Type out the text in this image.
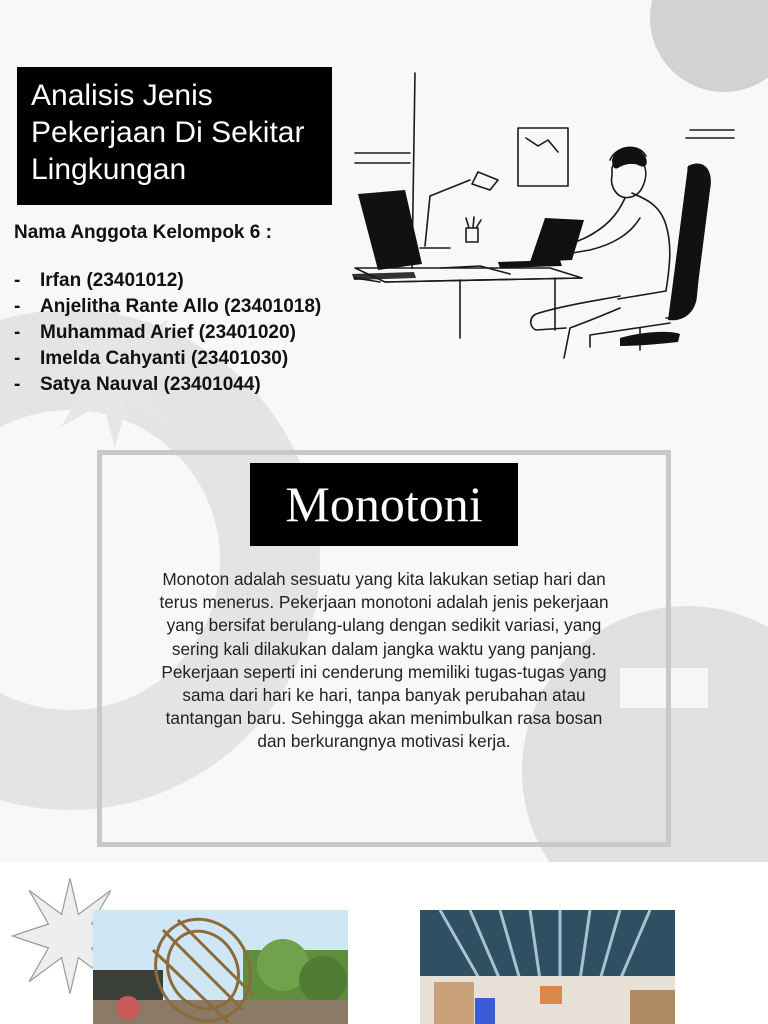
Analisis Jenis
Pekerjaan Di Sekitar
Lingkungan

Nama Anggota Kelompok 6 :

- Irfan (23401012)
- Anjelitha Rante Allo (23401018)
- Muhammad Arief (23401020)
- Imelda Cahyanti (23401030)
- Satya Nauval (23401044)
Monotoni

Monoton adalah sesuatu yang kita lakukan setiap hari dan terus menerus. Pekerjaan monotoni adalah jenis pekerjaan yang bersifat berulang-ulang dengan sedikit variasi, yang sering kali dilakukan dalam jangka waktu yang panjang.

Pekerjaan seperti ini cenderung memiliki tugas-tugas yang sama dari hari ke hari, tanpa banyak perubahan atau tantangan baru. Sehingga akan menimbulkan rasa bosan dan berkurangnya motivasi kerja.
